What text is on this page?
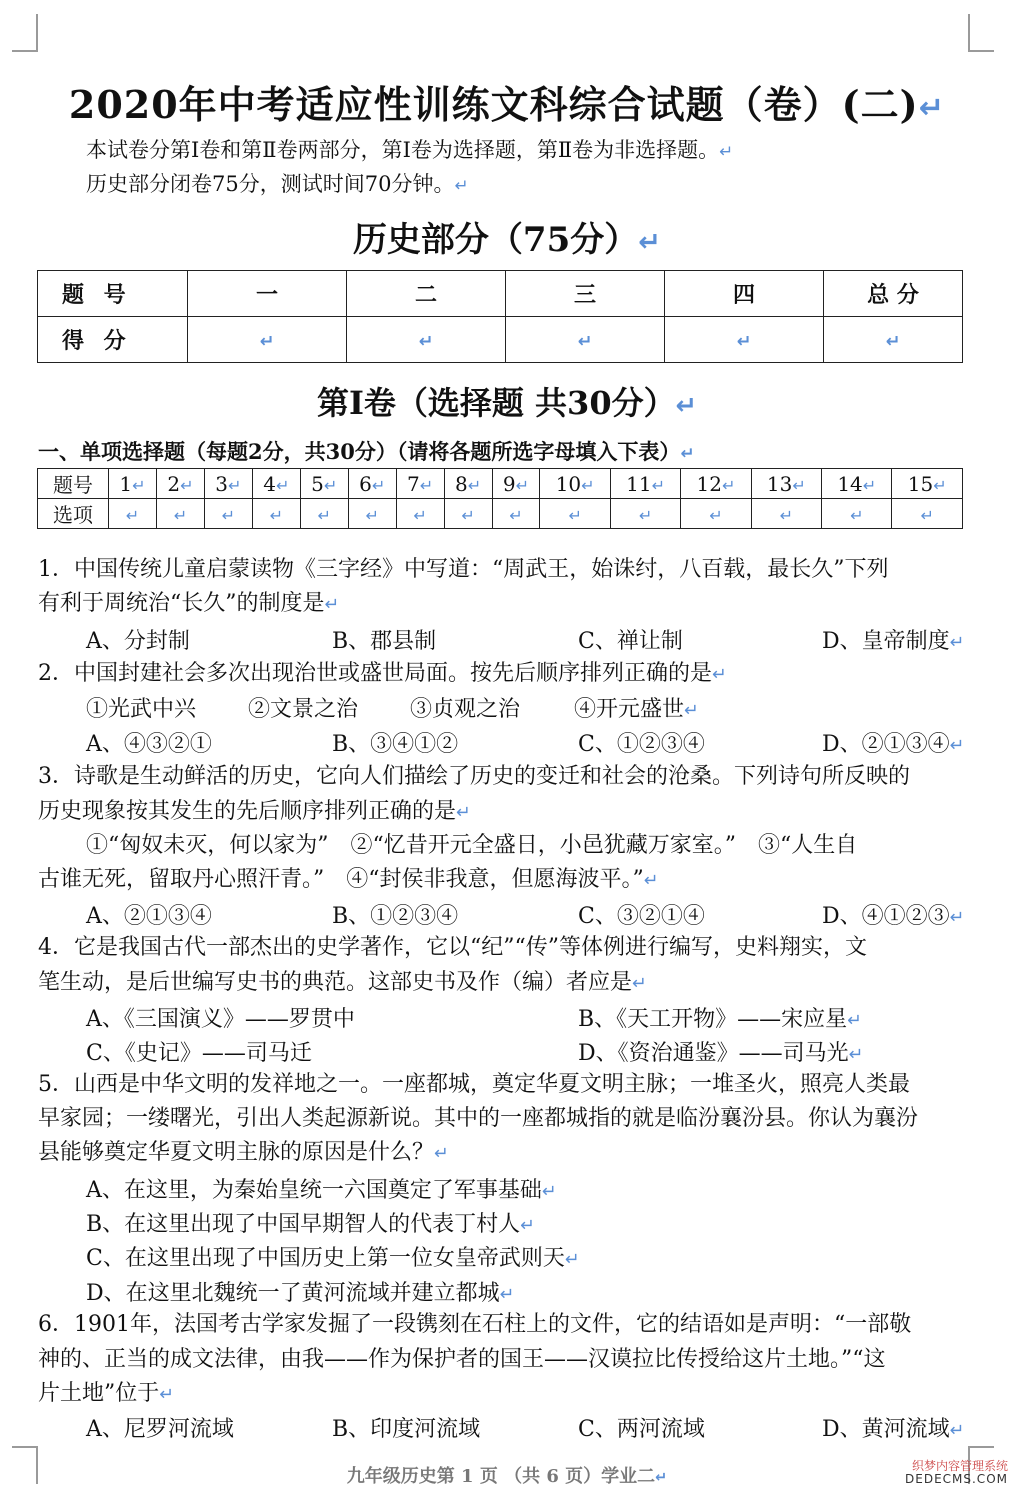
2020年中考适应性训练文科综合试题（卷）(二)↵
本试卷分第Ⅰ卷和第Ⅱ卷两部分，第Ⅰ卷为选择题，第Ⅱ卷为非选择题。↵
历史部分闭卷75分，测试时间70分钟。↵
历史部分（75分）↵
题 号	一	二	三	四	总 分
得 分	↵	↵	↵	↵	↵
第Ⅰ卷（选择题 共30分）↵
一、单项选择题（每题2分，共30分）（请将各题所选字母填入下表）↵
题号	1↵	2↵	3↵	4↵	5↵	6↵	7↵	8↵	9↵	10↵	11↵	12↵	13↵	14↵	15↵
选项	↵	↵	↵	↵	↵	↵	↵	↵	↵	↵	↵	↵	↵	↵	↵
1．中国传统儿童启蒙读物《三字经》中写道：“周武王，始诛纣，八百载，最长久”下列
有利于周统治“长久”的制度是↵
A、分封制	B、郡县制	C、禅让制	D、皇帝制度↵
2．中国封建社会多次出现治世或盛世局面。按先后顺序排列正确的是↵
①光武中兴 ②文景之治 ③贞观之治 ④开元盛世↵
A、④③②①	B、③④①②	C、①②③④	D、②①③④↵
3．诗歌是生动鲜活的历史，它向人们描绘了历史的变迁和社会的沧桑。下列诗句所反映的
历史现象按其发生的先后顺序排列正确的是↵
①“匈奴未灭，何以家为”　②“忆昔开元全盛日，小邑犹藏万家室。”　③“人生自
古谁无死，留取丹心照汗青。”　④“封侯非我意，但愿海波平。”↵
A、②①③④	B、①②③④	C、③②①④	D、④①②③↵
4．它是我国古代一部杰出的史学著作，它以“纪”“传”等体例进行编写，史料翔实，文
笔生动，是后世编写史书的典范。这部史书及作（编）者应是↵
A、《三国演义》——罗贯中	B、《天工开物》——宋应星↵
C、《史记》——司马迁	D、《资治通鉴》——司马光↵
5．山西是中华文明的发祥地之一。一座都城，奠定华夏文明主脉；一堆圣火，照亮人类最
早家园；一缕曙光，引出人类起源新说。其中的一座都城指的就是临汾襄汾县。你认为襄汾
县能够奠定华夏文明主脉的原因是什么？↵
A、在这里，为秦始皇统一六国奠定了军事基础↵
B、在这里出现了中国早期智人的代表丁村人↵
C、在这里出现了中国历史上第一位女皇帝武则天↵
D、在这里北魏统一了黄河流域并建立都城↵
6．1901年，法国考古学家发掘了一段镌刻在石柱上的文件，它的结语如是声明：“一部敬
神的、正当的成文法律，由我——作为保护者的国王——汉谟拉比传授给这片土地。”“这
片土地”位于↵
A、尼罗河流域	B、印度河流域	C、两河流域	D、黄河流域↵
九年级历史第 1 页 （共 6 页）学业二↵
织梦内容管理系统
DEDECMS.COM
